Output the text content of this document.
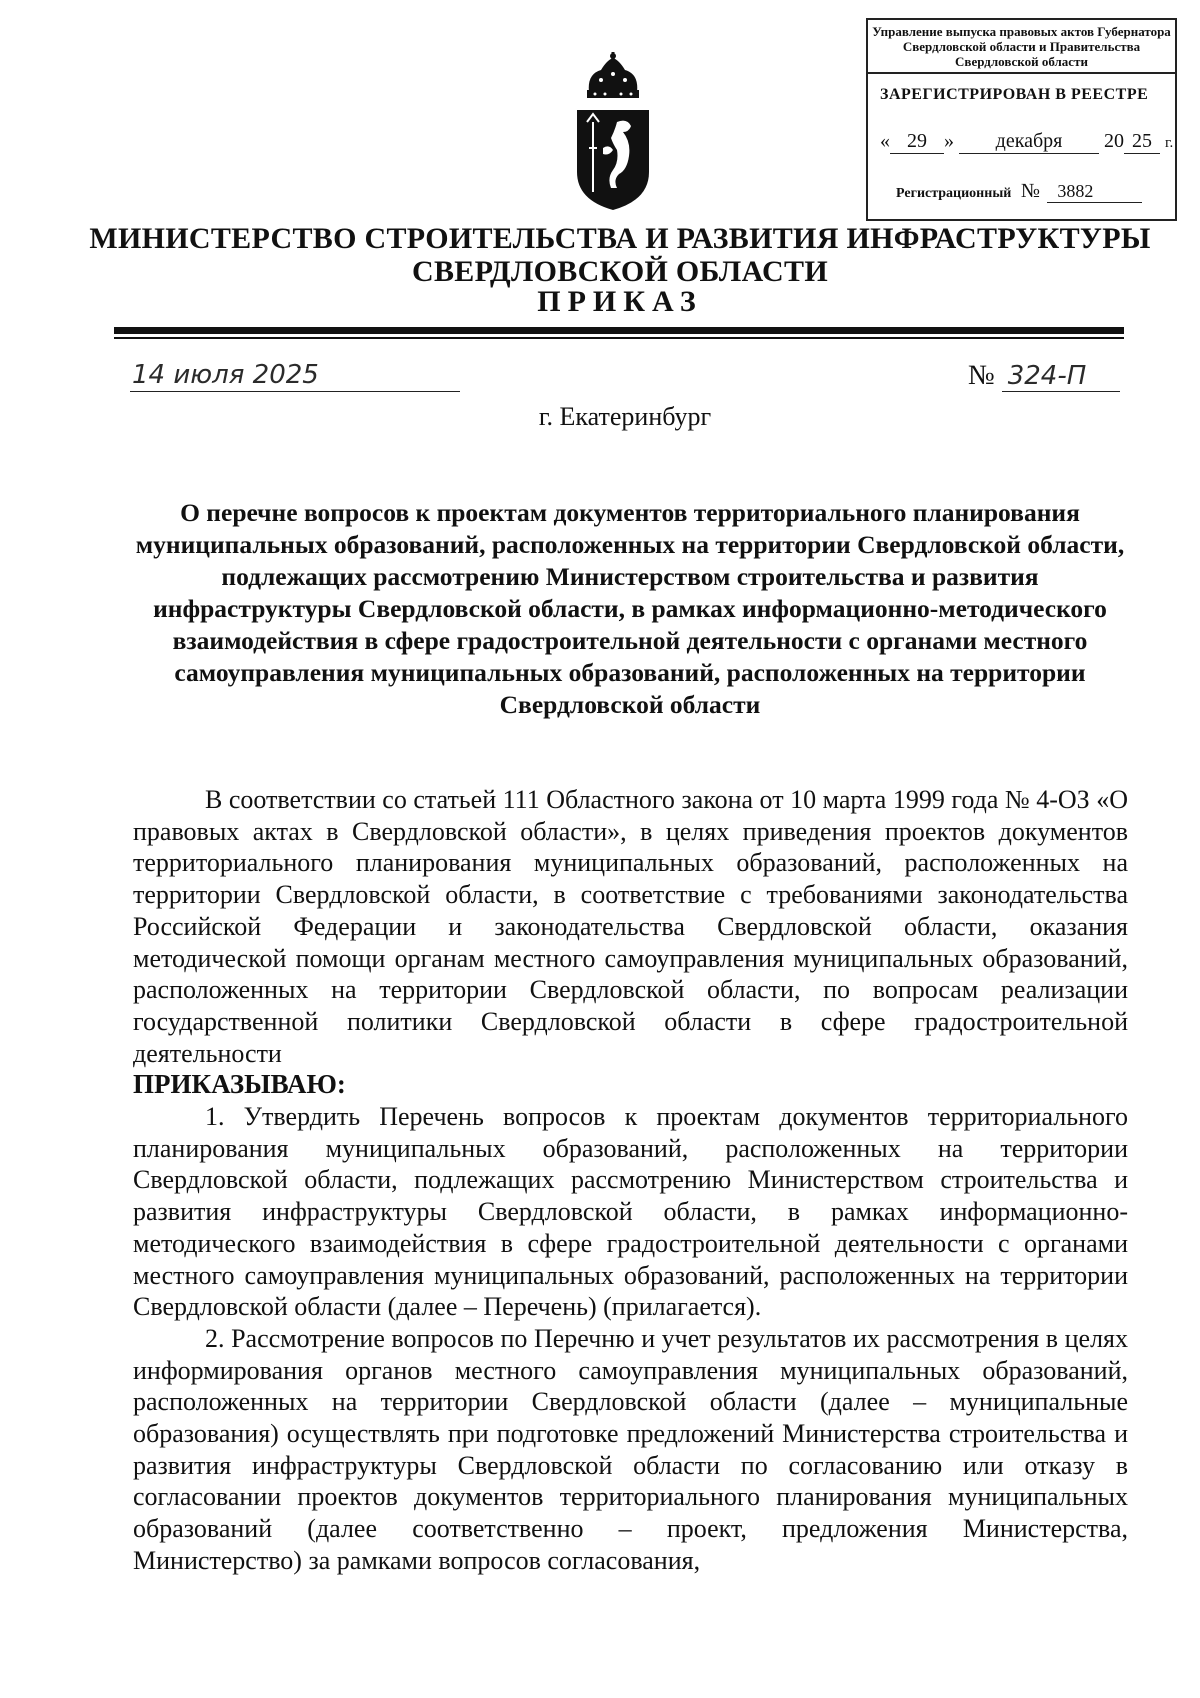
Управление выпуска правовых актов Губернатора Свердловской области и Правительства Свердловской области
ЗАРЕГИСТРИРОВАН В РЕЕСТРЕ
« 29 » декабря 20 25 г.
Регистрационный № 3882
МИНИСТЕРСТВО СТРОИТЕЛЬСТВА И РАЗВИТИЯ ИНФРАСТРУКТУРЫ СВЕРДЛОВСКОЙ ОБЛАСТИ
ПРИКАЗ
14 июля 2025	№ 324-П
г. Екатеринбург
О перечне вопросов к проектам документов территориального планирования муниципальных образований, расположенных на территории Свердловской области, подлежащих рассмотрению Министерством строительства и развития инфраструктуры Свердловской области, в рамках информационно-методического взаимодействия в сфере градостроительной деятельности с органами местного самоуправления муниципальных образований, расположенных на территории Свердловской области

В соответствии со статьей 111 Областного закона от 10 марта 1999 года № 4-ОЗ «О правовых актах в Свердловской области», в целях приведения проектов документов территориального планирования муниципальных образований, расположенных на территории Свердловской области, в соответствие с требованиями законодательства Российской Федерации и законодательства Свердловской области, оказания методической помощи органам местного самоуправления муниципальных образований, расположенных на территории Свердловской области, по вопросам реализации государственной политики Свердловской области в сфере градостроительной деятельности

ПРИКАЗЫВАЮ:

1. Утвердить Перечень вопросов к проектам документов территориального планирования муниципальных образований, расположенных на территории Свердловской области, подлежащих рассмотрению Министерством строительства и развития инфраструктуры Свердловской области, в рамках информационно-методического взаимодействия в сфере градостроительной деятельности с органами местного самоуправления муниципальных образований, расположенных на территории Свердловской области (далее – Перечень) (прилагается).

2. Рассмотрение вопросов по Перечню и учет результатов их рассмотрения в целях информирования органов местного самоуправления муниципальных образований, расположенных на территории Свердловской области (далее – муниципальные образования) осуществлять при подготовке предложений Министерства строительства и развития инфраструктуры Свердловской области по согласованию или отказу в согласовании проектов документов территориального планирования муниципальных образований (далее соответственно – проект, предложения Министерства, Министерство) за рамками вопросов согласования,
